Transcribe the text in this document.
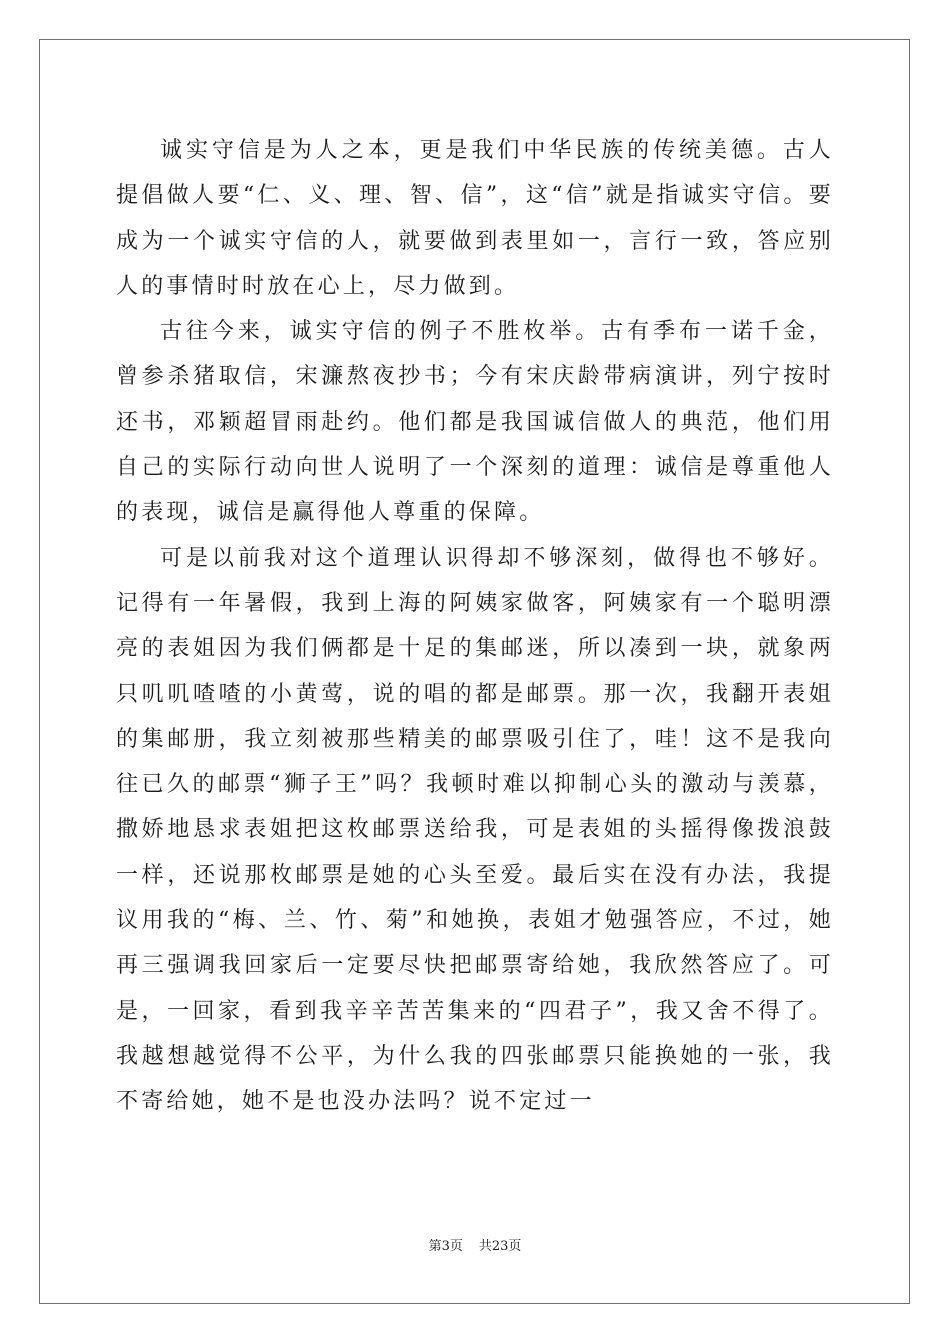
诚实守信是为人之本，更是我们中华民族的传统美德。古人提倡做人要“仁、义、理、智、信”，这“信”就是指诚实守信。要成为一个诚实守信的人，就要做到表里如一，言行一致，答应别人的事情时时放在心上，尽力做到。

古往今来，诚实守信的例子不胜枚举。古有季布一诺千金，曾参杀猪取信，宋濂熬夜抄书；今有宋庆龄带病演讲，列宁按时还书，邓颖超冒雨赴约。他们都是我国诚信做人的典范，他们用自己的实际行动向世人说明了一个深刻的道理：诚信是尊重他人的表现，诚信是赢得他人尊重的保障。

可是以前我对这个道理认识得却不够深刻，做得也不够好。记得有一年暑假，我到上海的阿姨家做客，阿姨家有一个聪明漂亮的表姐因为我们俩都是十足的集邮迷，所以凑到一块，就象两只叽叽喳喳的小黄莺，说的唱的都是邮票。那一次，我翻开表姐的集邮册，我立刻被那些精美的邮票吸引住了，哇！这不是我向往已久的邮票“狮子王”吗？我顿时难以抑制心头的激动与羡慕，撒娇地恳求表姐把这枚邮票送给我，可是表姐的头摇得像拨浪鼓一样，还说那枚邮票是她的心头至爱。最后实在没有办法，我提议用我的“梅、兰、竹、菊”和她换，表姐才勉强答应，不过，她再三强调我回家后一定要尽快把邮票寄给她，我欣然答应了。可是，一回家，看到我辛辛苦苦集来的“四君子”，我又舍不得了。我越想越觉得不公平，为什么我的四张邮票只能换她的一张，我不寄给她，她不是也没办法吗？说不定过一

第3页 共23页
